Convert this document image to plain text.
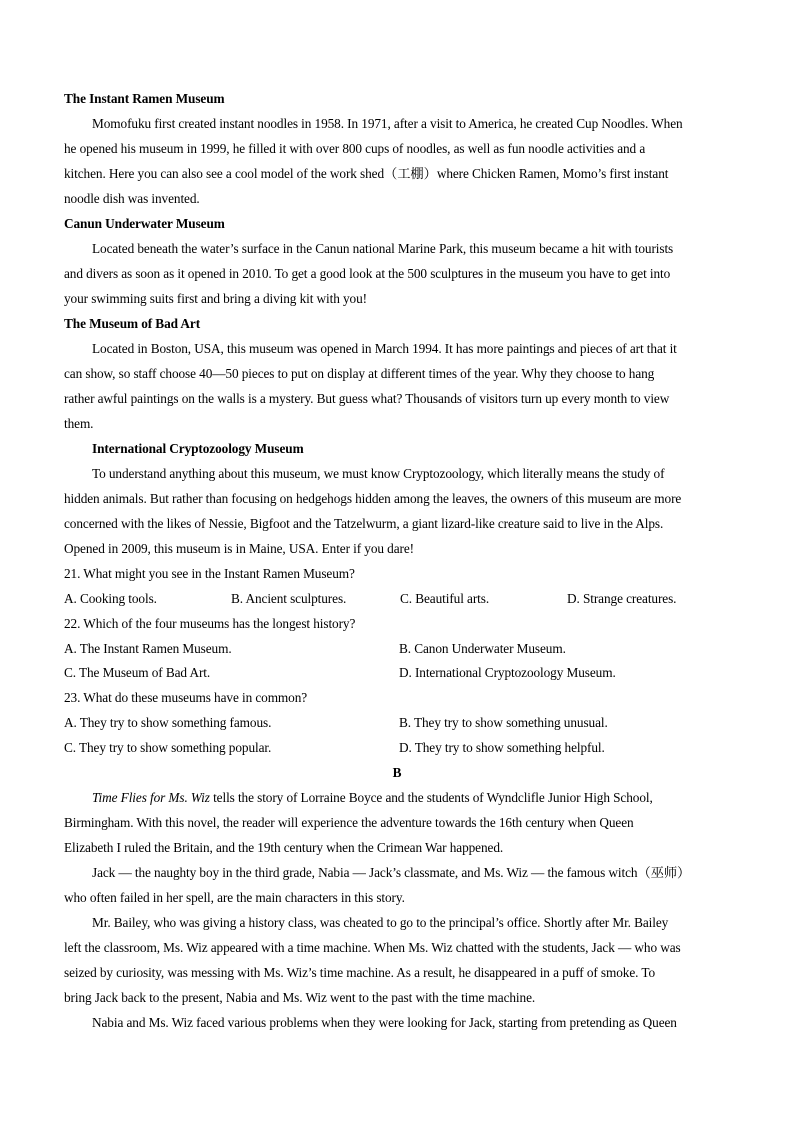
The Instant Ramen Museum
Momofuku first created instant noodles in 1958. In 1971, after a visit to America, he created Cup Noodles. When
he opened his museum in 1999, he filled it with over 800 cups of noodles, as well as fun noodle activities and a
kitchen. Here you can also see a cool model of the work shed（工棚）where Chicken Ramen, Momo’s first instant
noodle dish was invented.
Canun Underwater Museum
Located beneath the water’s surface in the Canun national Marine Park, this museum became a hit with tourists
and divers as soon as it opened in 2010. To get a good look at the 500 sculptures in the museum you have to get into
your swimming suits first and bring a diving kit with you!
The Museum of Bad Art
Located in Boston, USA, this museum was opened in March 1994. It has more paintings and pieces of art that it
can show, so staff choose 40—50 pieces to put on display at different times of the year. Why they choose to hang
rather awful paintings on the walls is a mystery. But guess what? Thousands of visitors turn up every month to view
them.
International Cryptozoology Museum
To understand anything about this museum, we must know Cryptozoology, which literally means the study of
hidden animals. But rather than focusing on hedgehogs hidden among the leaves, the owners of this museum are more
concerned with the likes of Nessie, Bigfoot and the Tatzelwurm, a giant lizard-like creature said to live in the Alps.
Opened in 2009, this museum is in Maine, USA. Enter if you dare!
21. What might you see in the Instant Ramen Museum?
A. Cooking tools.	B. Ancient sculptures.	C. Beautiful arts.	D. Strange creatures.
22. Which of the four museums has the longest history?
A. The Instant Ramen Museum.	B. Canon Underwater Museum.
C. The Museum of Bad Art.	D. International Cryptozoology Museum.
23. What do these museums have in common?
A. They try to show something famous.	B. They try to show something unusual.
C. They try to show something popular.	D. They try to show something helpful.
B
Time Flies for Ms. Wiz tells the story of Lorraine Boyce and the students of Wyndclifle Junior High School,
Birmingham. With this novel, the reader will experience the adventure towards the 16th century when Queen
Elizabeth I ruled the Britain, and the 19th century when the Crimean War happened.
Jack — the naughty boy in the third grade, Nabia — Jack’s classmate, and Ms. Wiz — the famous witch（巫师）
who often failed in her spell, are the main characters in this story.
Mr. Bailey, who was giving a history class, was cheated to go to the principal’s office. Shortly after Mr. Bailey
left the classroom, Ms. Wiz appeared with a time machine. When Ms. Wiz chatted with the students, Jack — who was
seized by curiosity, was messing with Ms. Wiz’s time machine. As a result, he disappeared in a puff of smoke. To
bring Jack back to the present, Nabia and Ms. Wiz went to the past with the time machine.
Nabia and Ms. Wiz faced various problems when they were looking for Jack, starting from pretending as Queen
